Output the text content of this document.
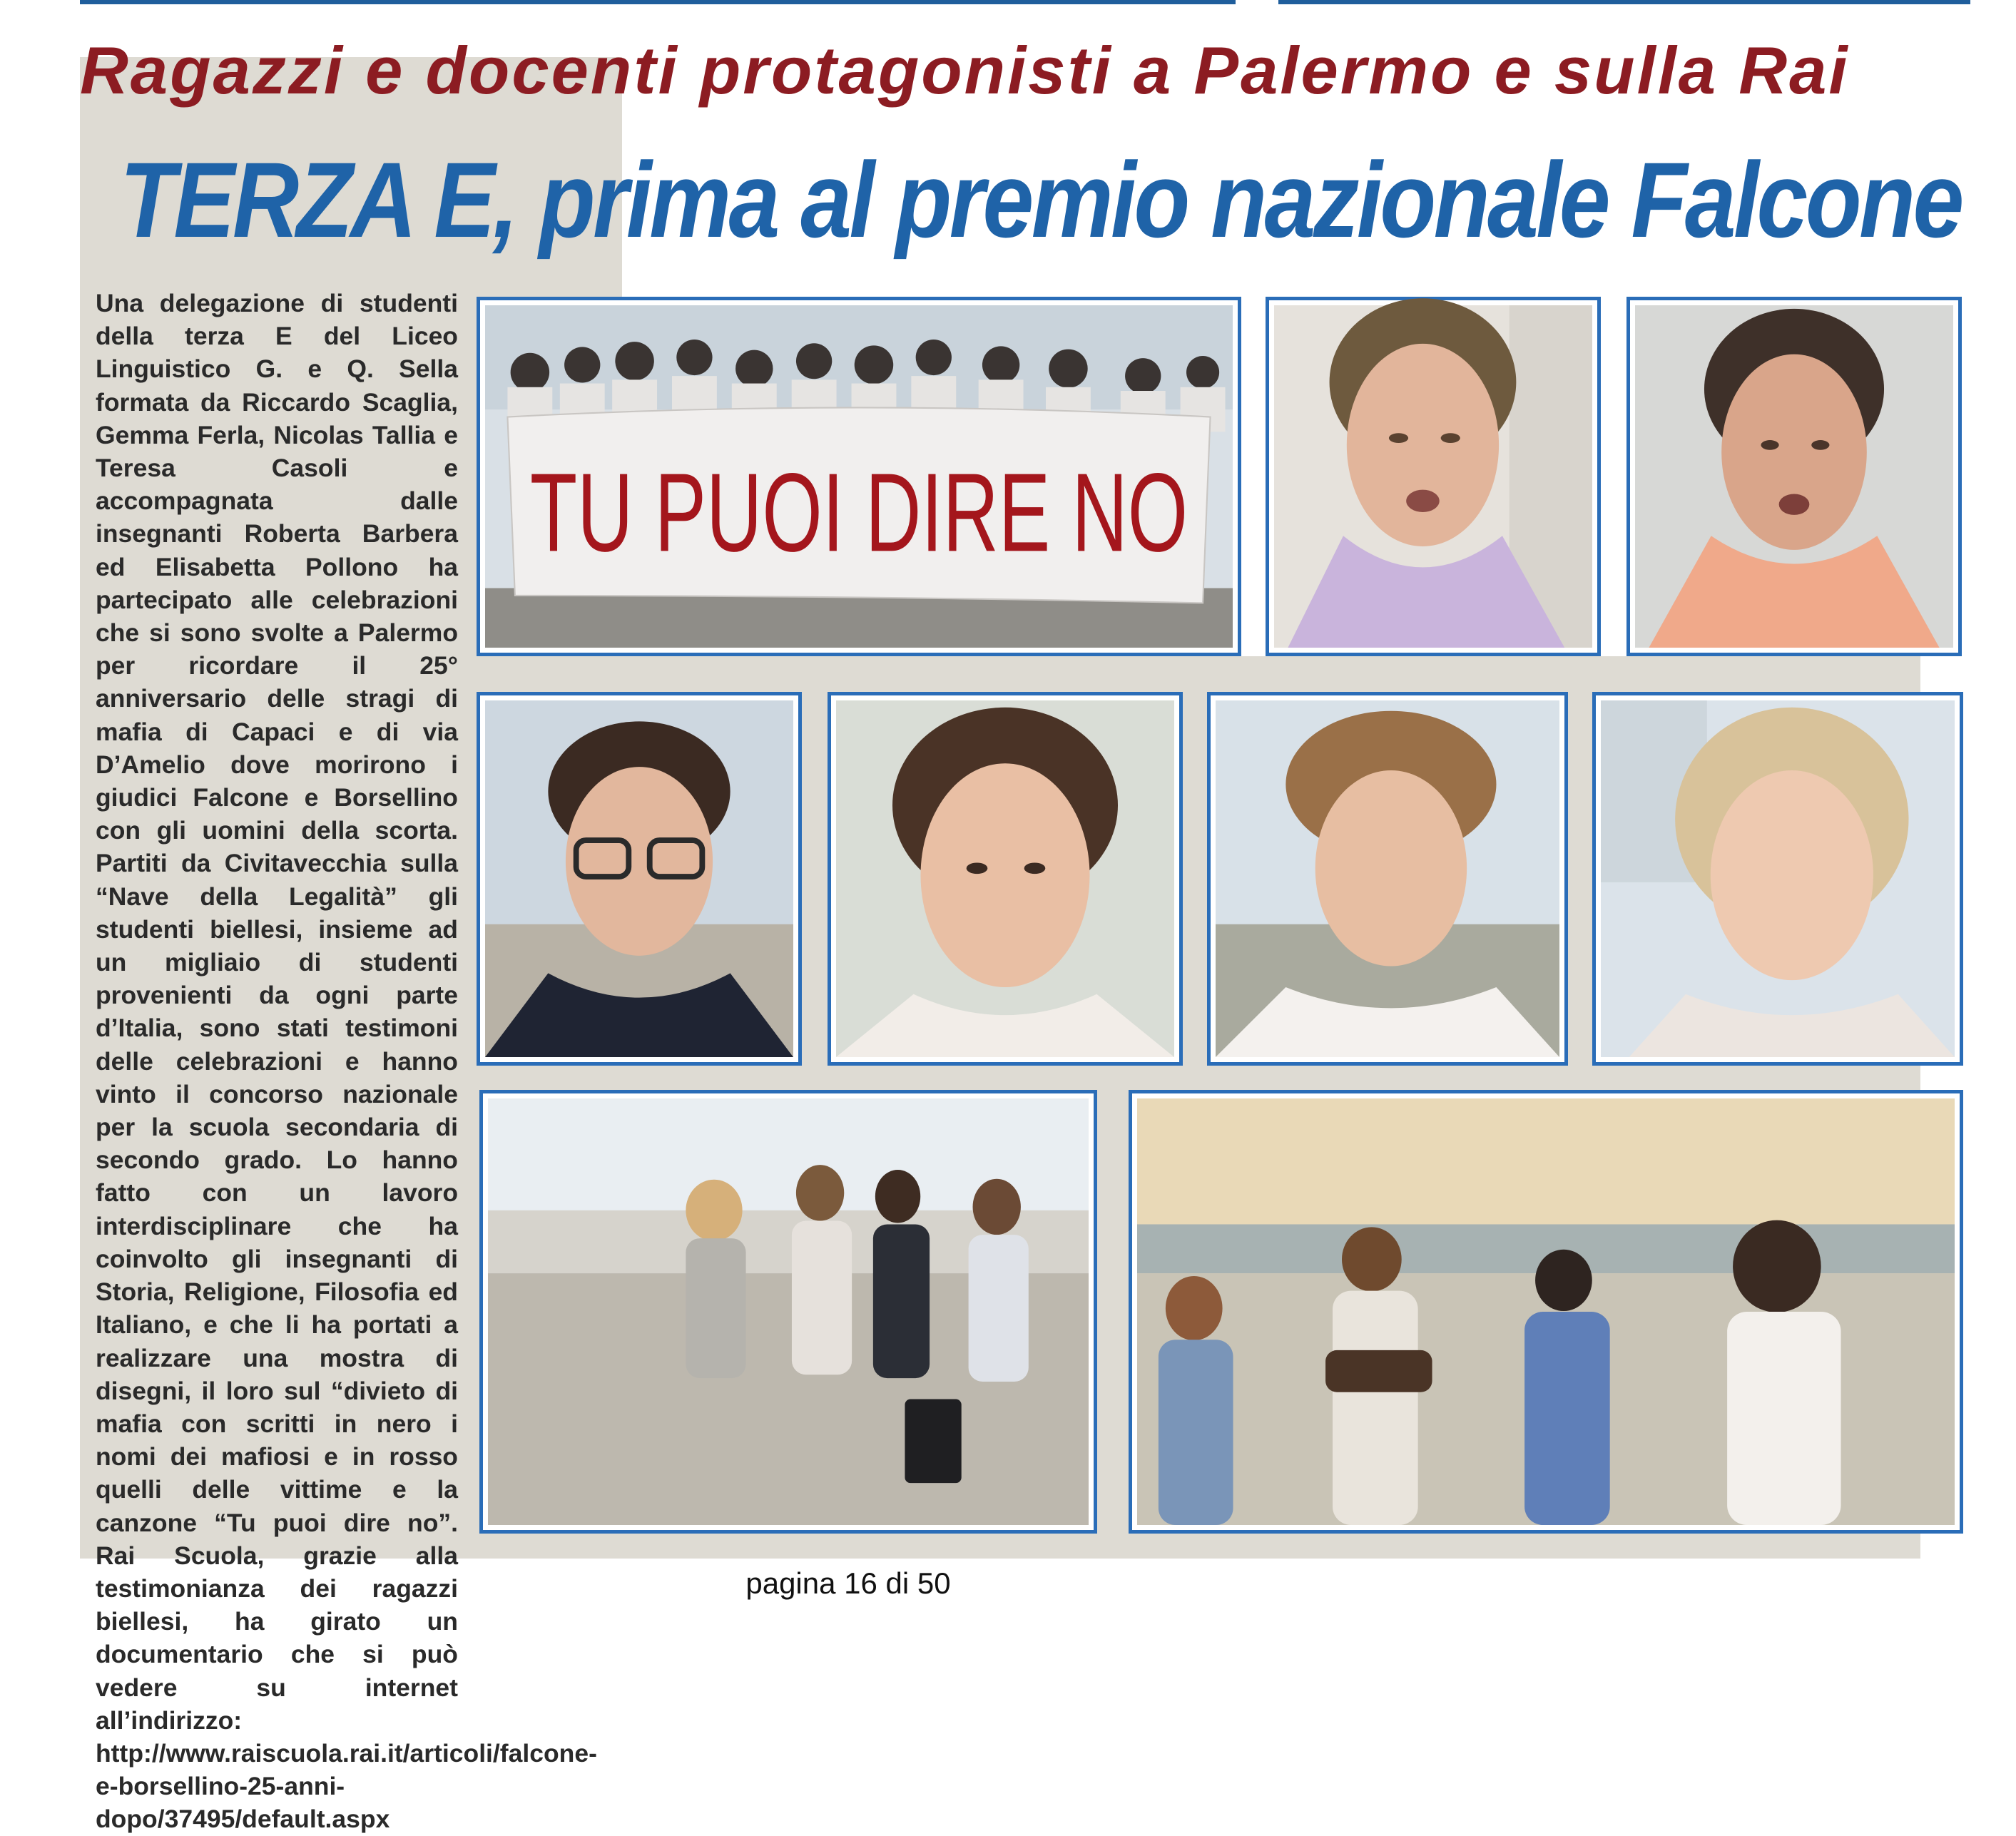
Ragazzi e docenti protagonisti a Palermo e sulla Rai
TERZA E, prima al premio nazionale Falcone
Una delegazione di studenti della terza E del Liceo Linguistico G. e Q. Sella formata da Riccardo Scaglia, Gemma Ferla, Nicolas Tallia e Teresa Casoli e accompagnata dalle insegnanti Roberta Barbera ed Elisabetta Pollono ha partecipato alle celebrazioni che si sono svolte a Palermo per ricordare il 25° anniversario delle stragi di mafia di Capaci e di via D’Amelio dove morirono i giudici Falcone e Borsellino con gli uomini della scorta. Partiti da Civitavecchia sulla “Nave della Legalità” gli studenti biellesi, insieme ad un migliaio di studenti provenienti da ogni parte d’Italia, sono stati testimoni delle celebrazioni e hanno vinto il concorso nazionale per la scuola secondaria di secondo grado. Lo hanno fatto con un lavoro interdisciplinare che ha coinvolto gli insegnanti di Storia, Religione, Filosofia ed Italiano, e che li ha portati a realizzare una mostra di disegni, il loro sul “divieto di mafia con scritti in nero i nomi dei mafiosi e in rosso quelli delle vittime e la canzone “Tu puoi dire no”. Rai Scuola, grazie alla testimonianza dei ragazzi biellesi, ha girato un documentario che si può vedere su internet all’indirizzo: http://www.raiscuola.rai.it/articoli/falcone-e-borsellino-25-anni-dopo/37495/default.aspx
TU PUOI DIRE NO
pagina 16 di 50
